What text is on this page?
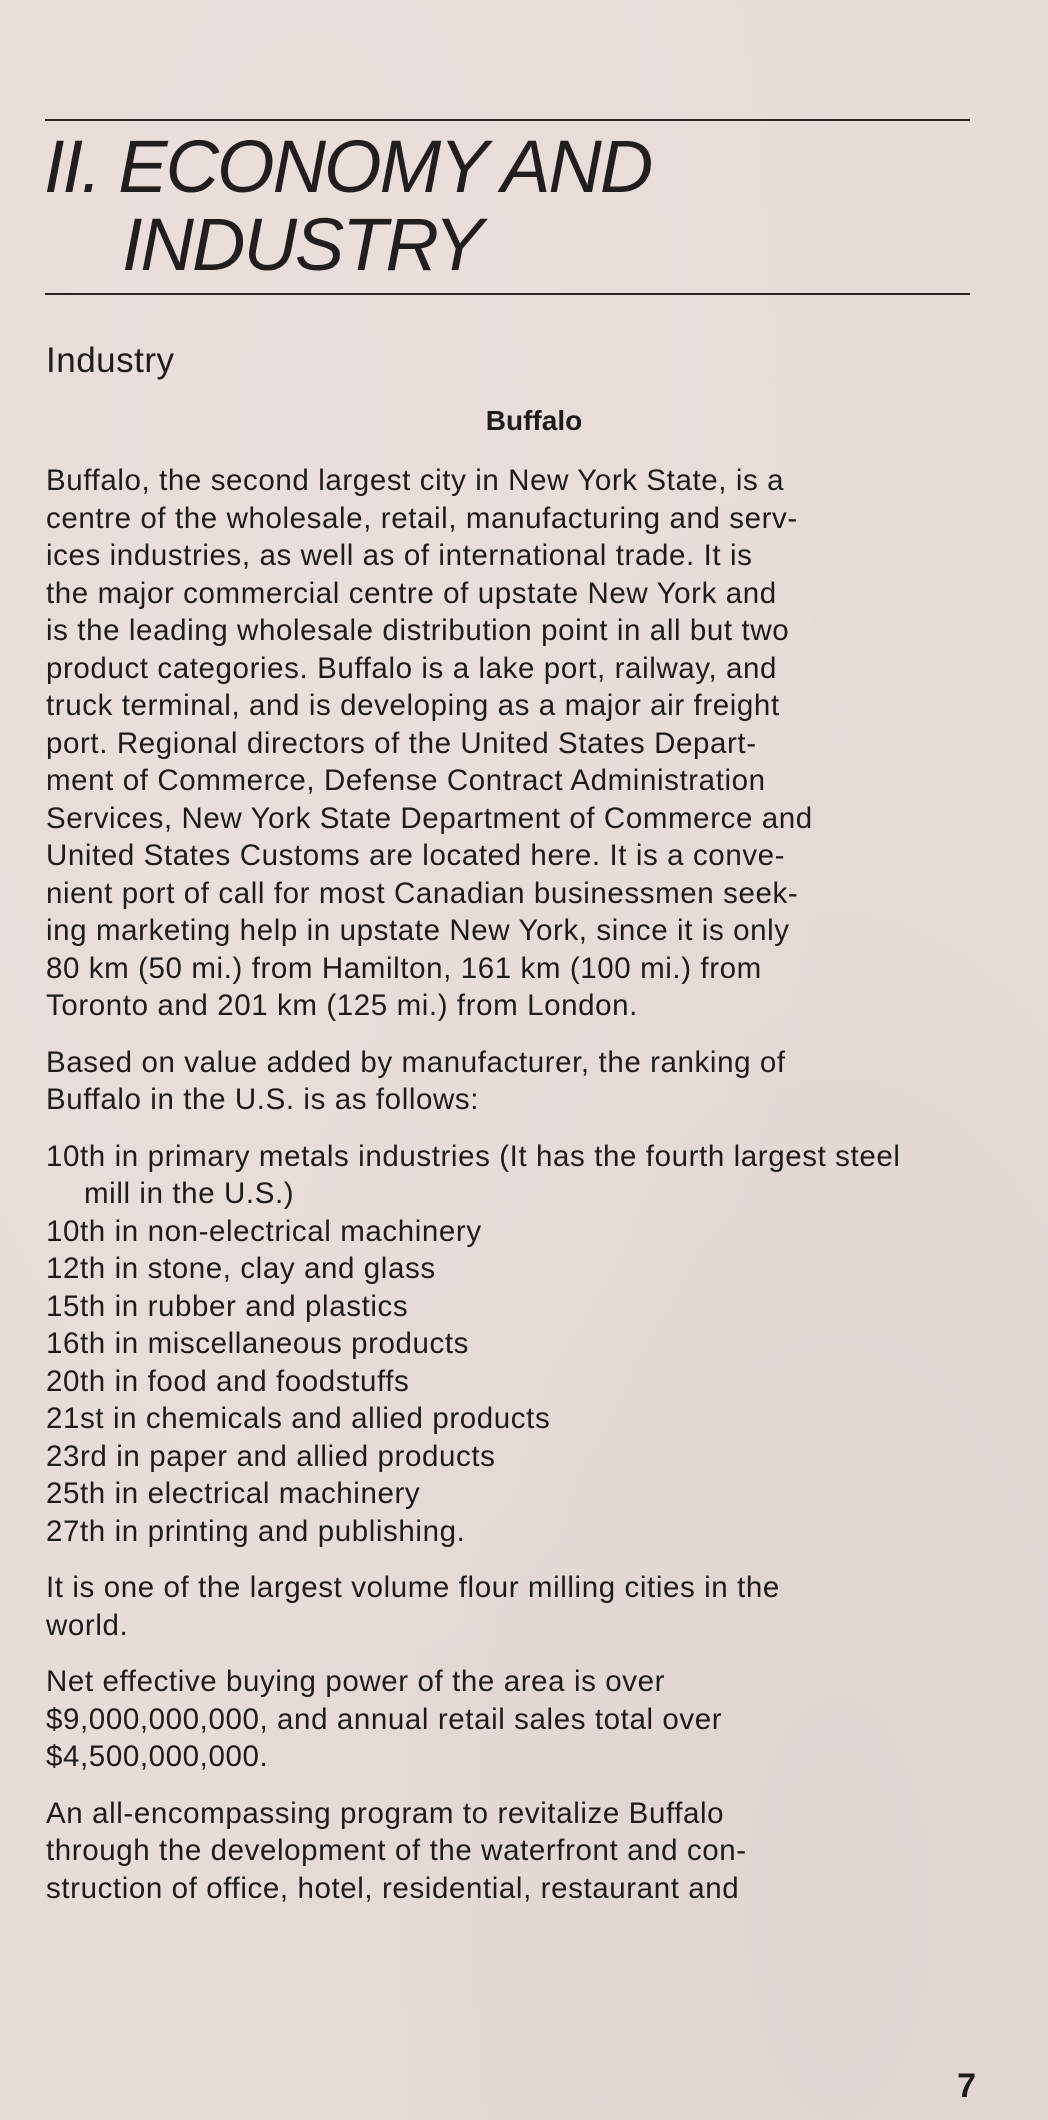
II. ECONOMY AND
INDUSTRY
Industry
Buffalo

Buffalo, the second largest city in New York State, is a
centre of the wholesale, retail, manufacturing and serv-
ices industries, as well as of international trade. It is
the major commercial centre of upstate New York and
is the leading wholesale distribution point in all but two
product categories. Buffalo is a lake port, railway, and
truck terminal, and is developing as a major air freight
port. Regional directors of the United States Depart-
ment of Commerce, Defense Contract Administration
Services, New York State Department of Commerce and
United States Customs are located here. It is a conve-
nient port of call for most Canadian businessmen seek-
ing marketing help in upstate New York, since it is only
80 km (50 mi.) from Hamilton, 161 km (100 mi.) from
Toronto and 201 km (125 mi.) from London.

Based on value added by manufacturer, the ranking of
Buffalo in the U.S. is as follows:

10th in primary metals industries (It has the fourth largest steel mill in the U.S.)
10th in non-electrical machinery
12th in stone, clay and glass
15th in rubber and plastics
16th in miscellaneous products
20th in food and foodstuffs
21st in chemicals and allied products
23rd in paper and allied products
25th in electrical machinery
27th in printing and publishing.

It is one of the largest volume flour milling cities in the
world.

Net effective buying power of the area is over
$9,000,000,000, and annual retail sales total over
$4,500,000,000.

An all-encompassing program to revitalize Buffalo
through the development of the waterfront and con-
struction of office, hotel, residential, restaurant and

7
